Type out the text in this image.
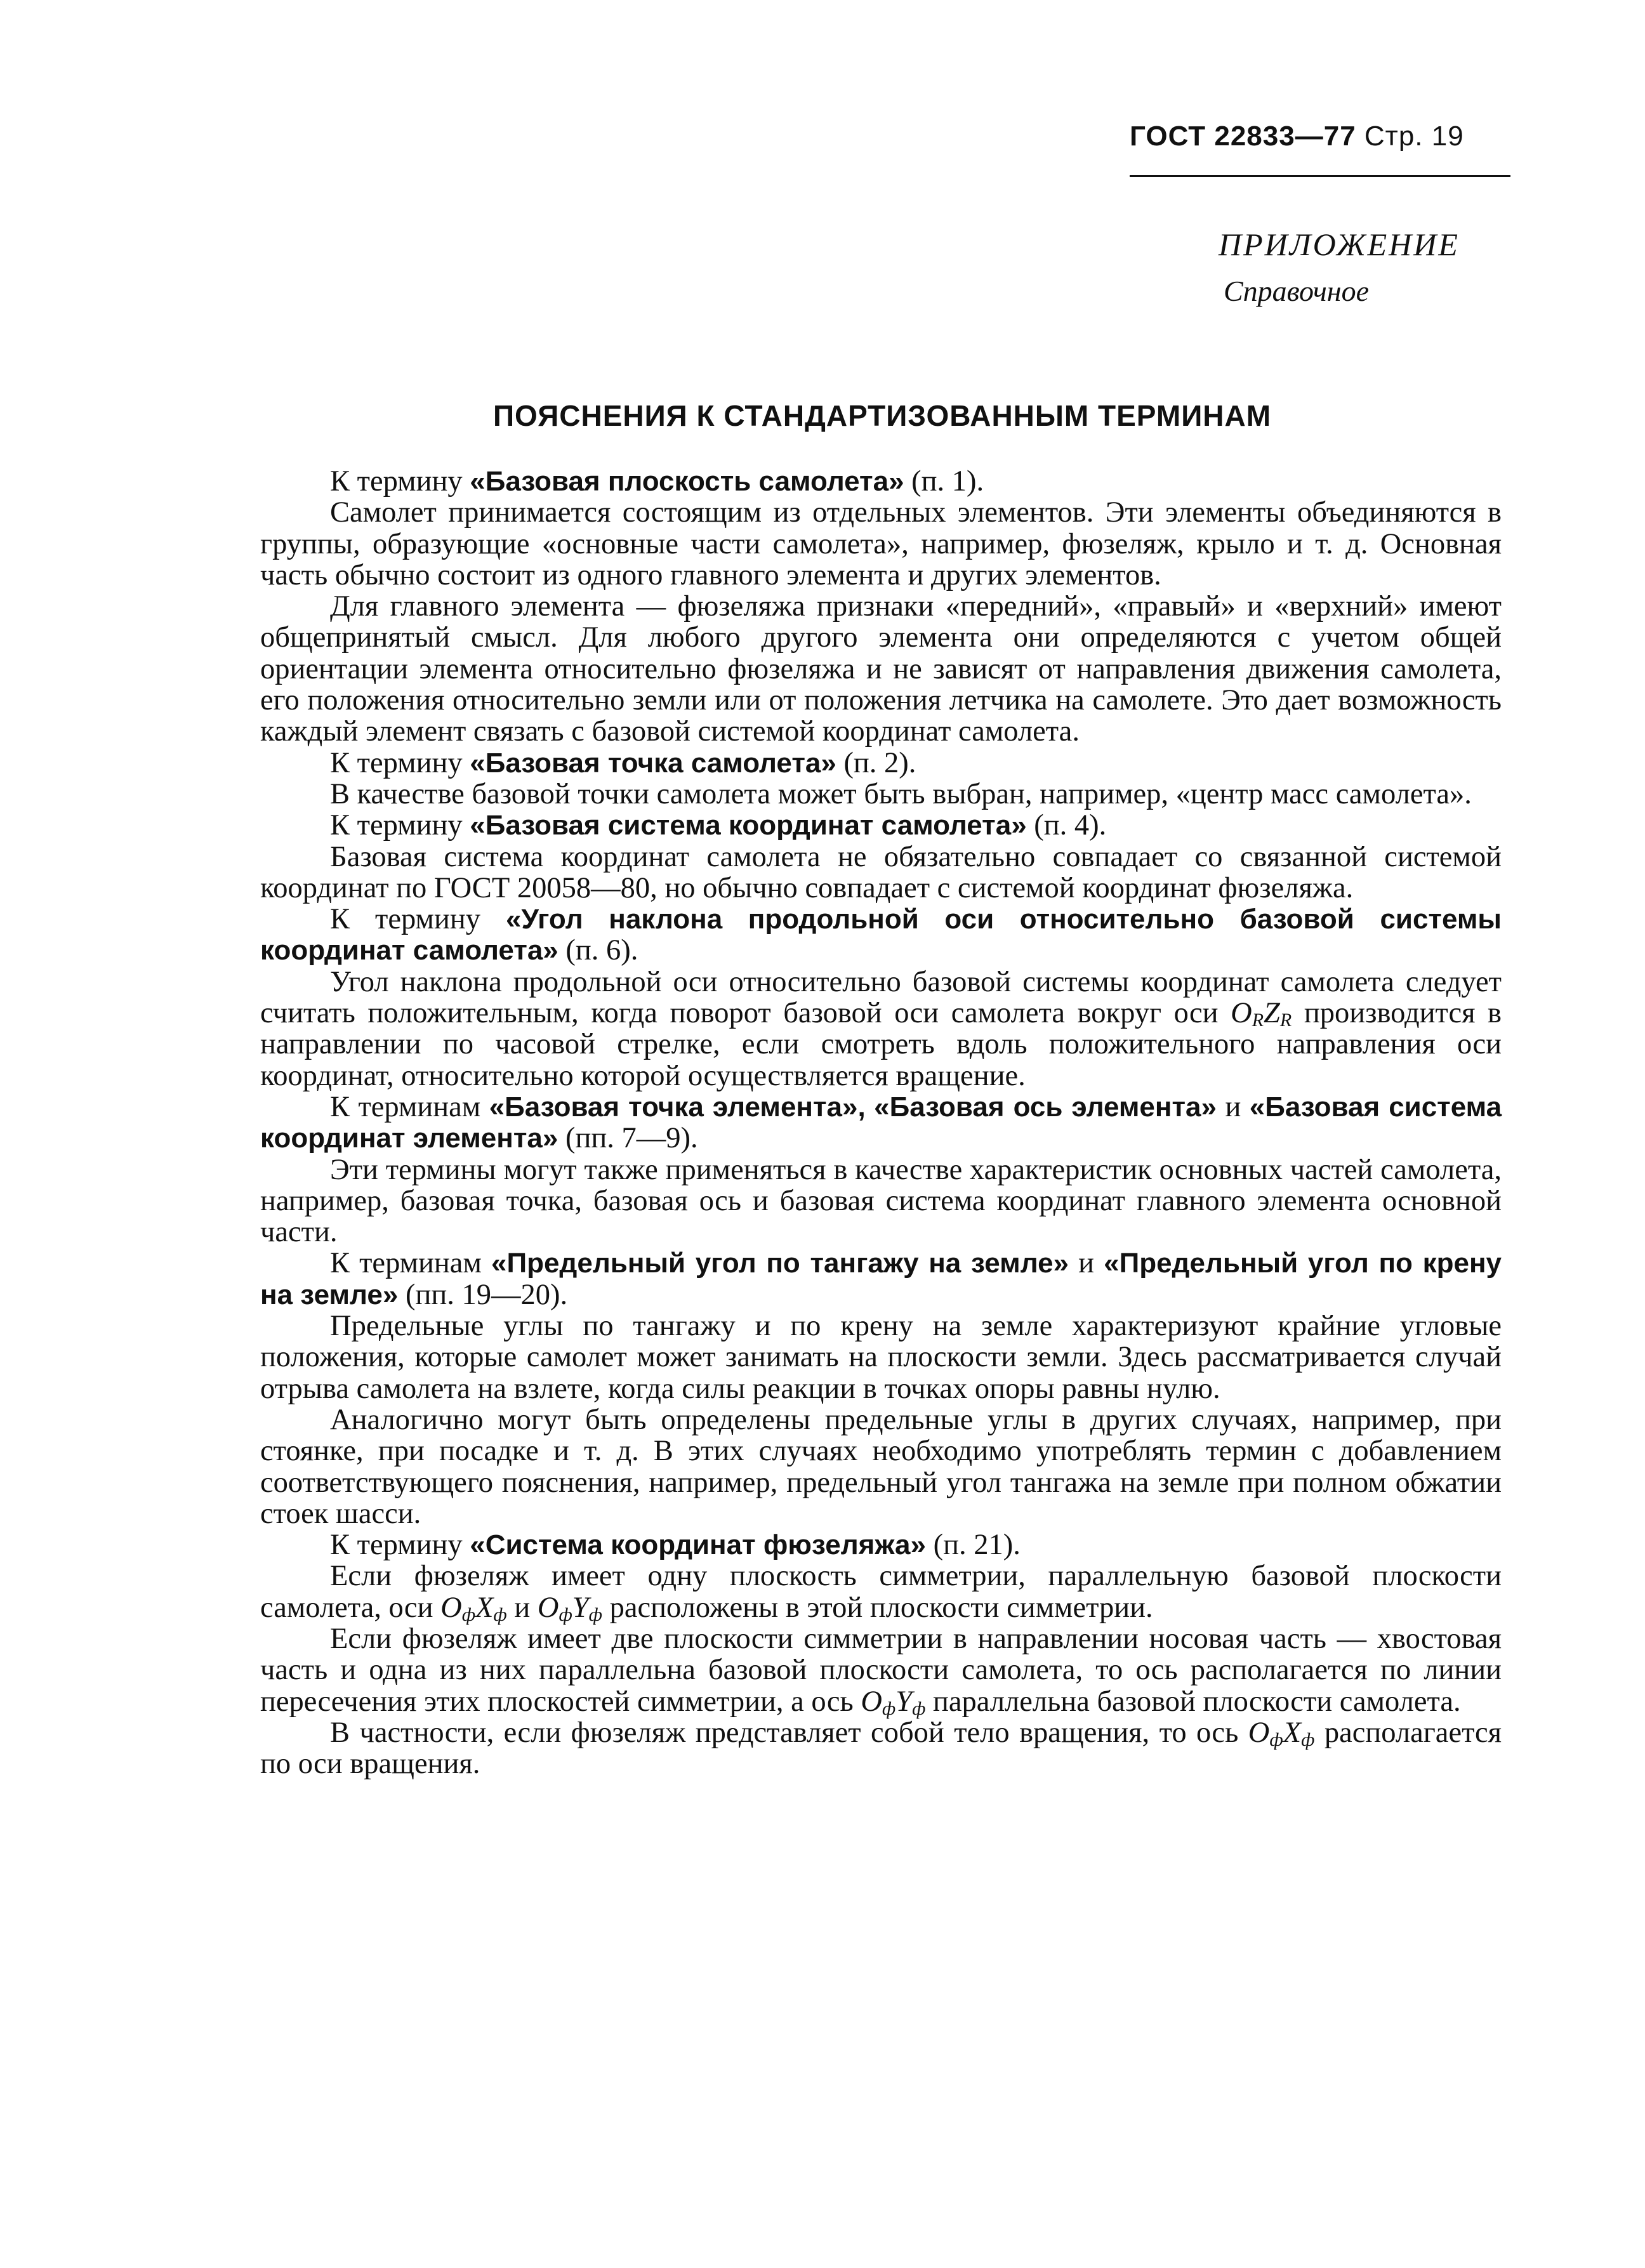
ГОСТ 22833—77 Стр. 19
ПРИЛОЖЕНИЕ
Справочное
ПОЯСНЕНИЯ К СТАНДАРТИЗОВАННЫМ ТЕРМИНАМ

К термину «Базовая плоскость самолета» (п. 1).

Самолет принимается состоящим из отдельных элементов. Эти элементы объединяются в группы, образующие «основные части самолета», например, фюзеляж, крыло и т. д. Основная часть обычно состоит из одного главного элемента и других элементов.

Для главного элемента — фюзеляжа признаки «передний», «правый» и «верхний» имеют общепринятый смысл. Для любого другого элемента они определяются с учетом общей ориентации элемента относительно фюзеляжа и не зависят от направления движения самолета, его положения относительно земли или от положения летчика на самолете. Это дает возможность каждый элемент связать с базовой системой координат самолета.

К термину «Базовая точка самолета» (п. 2).

В качестве базовой точки самолета может быть выбран, например, «центр масс самолета».

К термину «Базовая система координат самолета» (п. 4).

Базовая система координат самолета не обязательно совпадает со связанной системой координат по ГОСТ 20058—80, но обычно совпадает с системой координат фюзеляжа.

К термину «Угол наклона продольной оси относительно базовой системы координат самолета» (п. 6).

Угол наклона продольной оси относительно базовой системы координат самолета следует считать положительным, когда поворот базовой оси самолета вокруг оси $O_RZ_R$ производится в направлении по часовой стрелке, если смотреть вдоль положительного направления оси координат, относительно которой осуществляется вращение.

К терминам «Базовая точка элемента», «Базовая ось элемента» и «Базовая система координат элемента» (пп. 7—9).

Эти термины могут также применяться в качестве характеристик основных частей самолета, например, базовая точка, базовая ось и базовая система координат главного элемента основной части.

К терминам «Предельный угол по тангажу на земле» и «Предельный угол по крену на земле» (пп. 19—20).

Предельные углы по тангажу и по крену на земле характеризуют крайние угловые положения, которые самолет может занимать на плоскости земли. Здесь рассматривается случай отрыва самолета на взлете, когда силы реакции в точках опоры равны нулю.

Аналогично могут быть определены предельные углы в других случаях, например, при стоянке, при посадке и т. д. В этих случаях необходимо употреблять термин с добавлением соответствующего пояснения, например, предельный угол тангажа на земле при полном обжатии стоек шасси.

К термину «Система координат фюзеляжа» (п. 21).

Если фюзеляж имеет одну плоскость симметрии, параллельную базовой плоскости самолета, оси $O_фX_ф$ и $O_фY_ф$ расположены в этой плоскости симметрии.

Если фюзеляж имеет две плоскости симметрии в направлении носовая часть — хвостовая часть и одна из них параллельна базовой плоскости самолета, то ось располагается по линии пересечения этих плоскостей симметрии, а ось $O_фY_ф$ параллельна базовой плоскости самолета.

В частности, если фюзеляж представляет собой тело вращения, то ось $O_фX_ф$ располагается по оси вращения.
